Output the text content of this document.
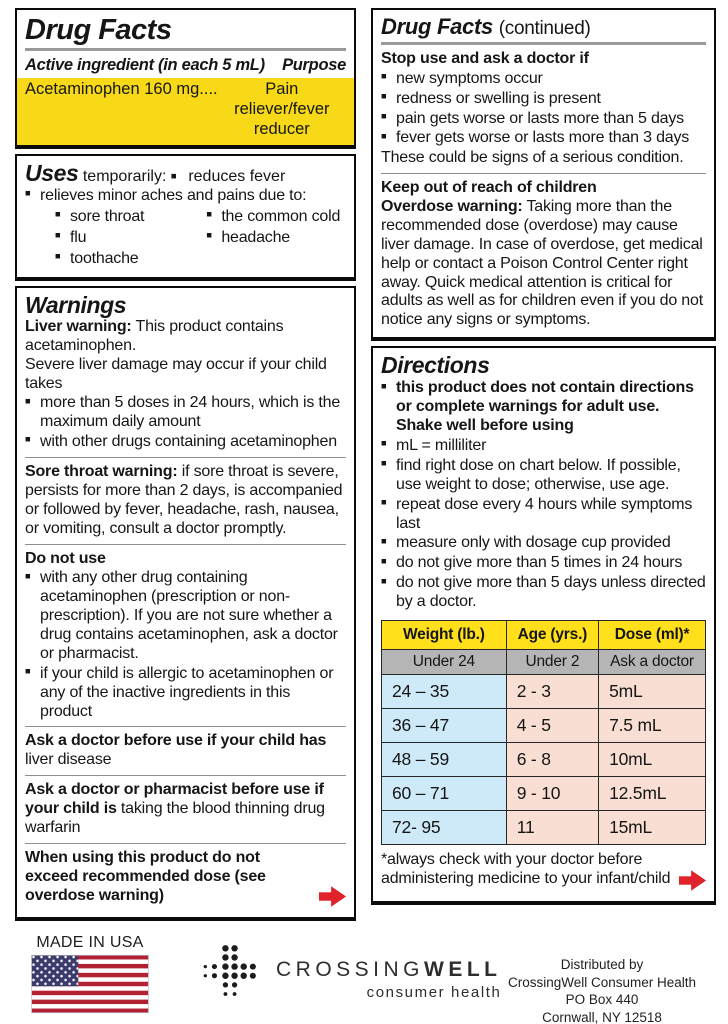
Drug Facts
Active ingredient (in each 5 mL) Purpose
Acetaminophen 160 mg....	Pain reliever/fever reducer
Uses temporarily: ■ reduces fever
■ relieves minor aches and pains due to:
■ sore throat	■ the common cold
■ flu	■ headache
■ toothache
Warnings

Liver warning: This product contains acetaminophen.

Severe liver damage may occur if your child takes

■ more than 5 doses in 24 hours, which is the maximum daily amount
■ with other drugs containing acetaminophen

Sore throat warning: if sore throat is severe, persists for more than 2 days, is accompanied or followed by fever, headache, rash, nausea, or vomiting, consult a doctor promptly.

Do not use

■ with any other drug containing acetaminophen (prescription or non-prescription). If you are not sure whether a drug contains acetaminophen, ask a doctor or pharmacist.
■ if your child is allergic to acetaminophen or any of the inactive ingredients in this product

Ask a doctor before use if your child has liver disease

Ask a doctor or pharmacist before use if your child is taking the blood thinning drug warfarin

When using this product do not exceed recommended dose (see overdose warning)

Drug Facts (continued)

Stop use and ask a doctor if

■ new symptoms occur
■ redness or swelling is present
■ pain gets worse or lasts more than 5 days
■ fever gets worse or lasts more than 3 days

These could be signs of a serious condition.

Keep out of reach of children

Overdose warning: Taking more than the recommended dose (overdose) may cause liver damage. In case of overdose, get medical help or contact a Poison Control Center right away. Quick medical attention is critical for adults as well as for children even if you do not notice any signs or symptoms.

Directions
■ this product does not contain directions or complete warnings for adult use. Shake well before using
■ mL = milliliter
■ find right dose on chart below. If possible, use weight to dose; otherwise, use age.
■ repeat dose every 4 hours while symptoms last
■ measure only with dosage cup provided
■ do not give more than 5 times in 24 hours
■ do not give more than 5 days unless directed by a doctor.
Weight (lb.)	Age (yrs.)	Dose (ml)*
Under 24	Under 2	Ask a doctor
24 – 35	2 - 3	5mL
36 – 47	4 - 5	7.5 mL
48 – 59	6 - 8	10mL
60 – 71	9 - 10	12.5mL
72- 95	11	15mL

*always check with your doctor before administering medicine to your infant/child

MADE IN USA
CROSSINGWELL
consumer health
Distributed by
CrossingWell Consumer Health
PO Box 440
Cornwall, NY 12518
